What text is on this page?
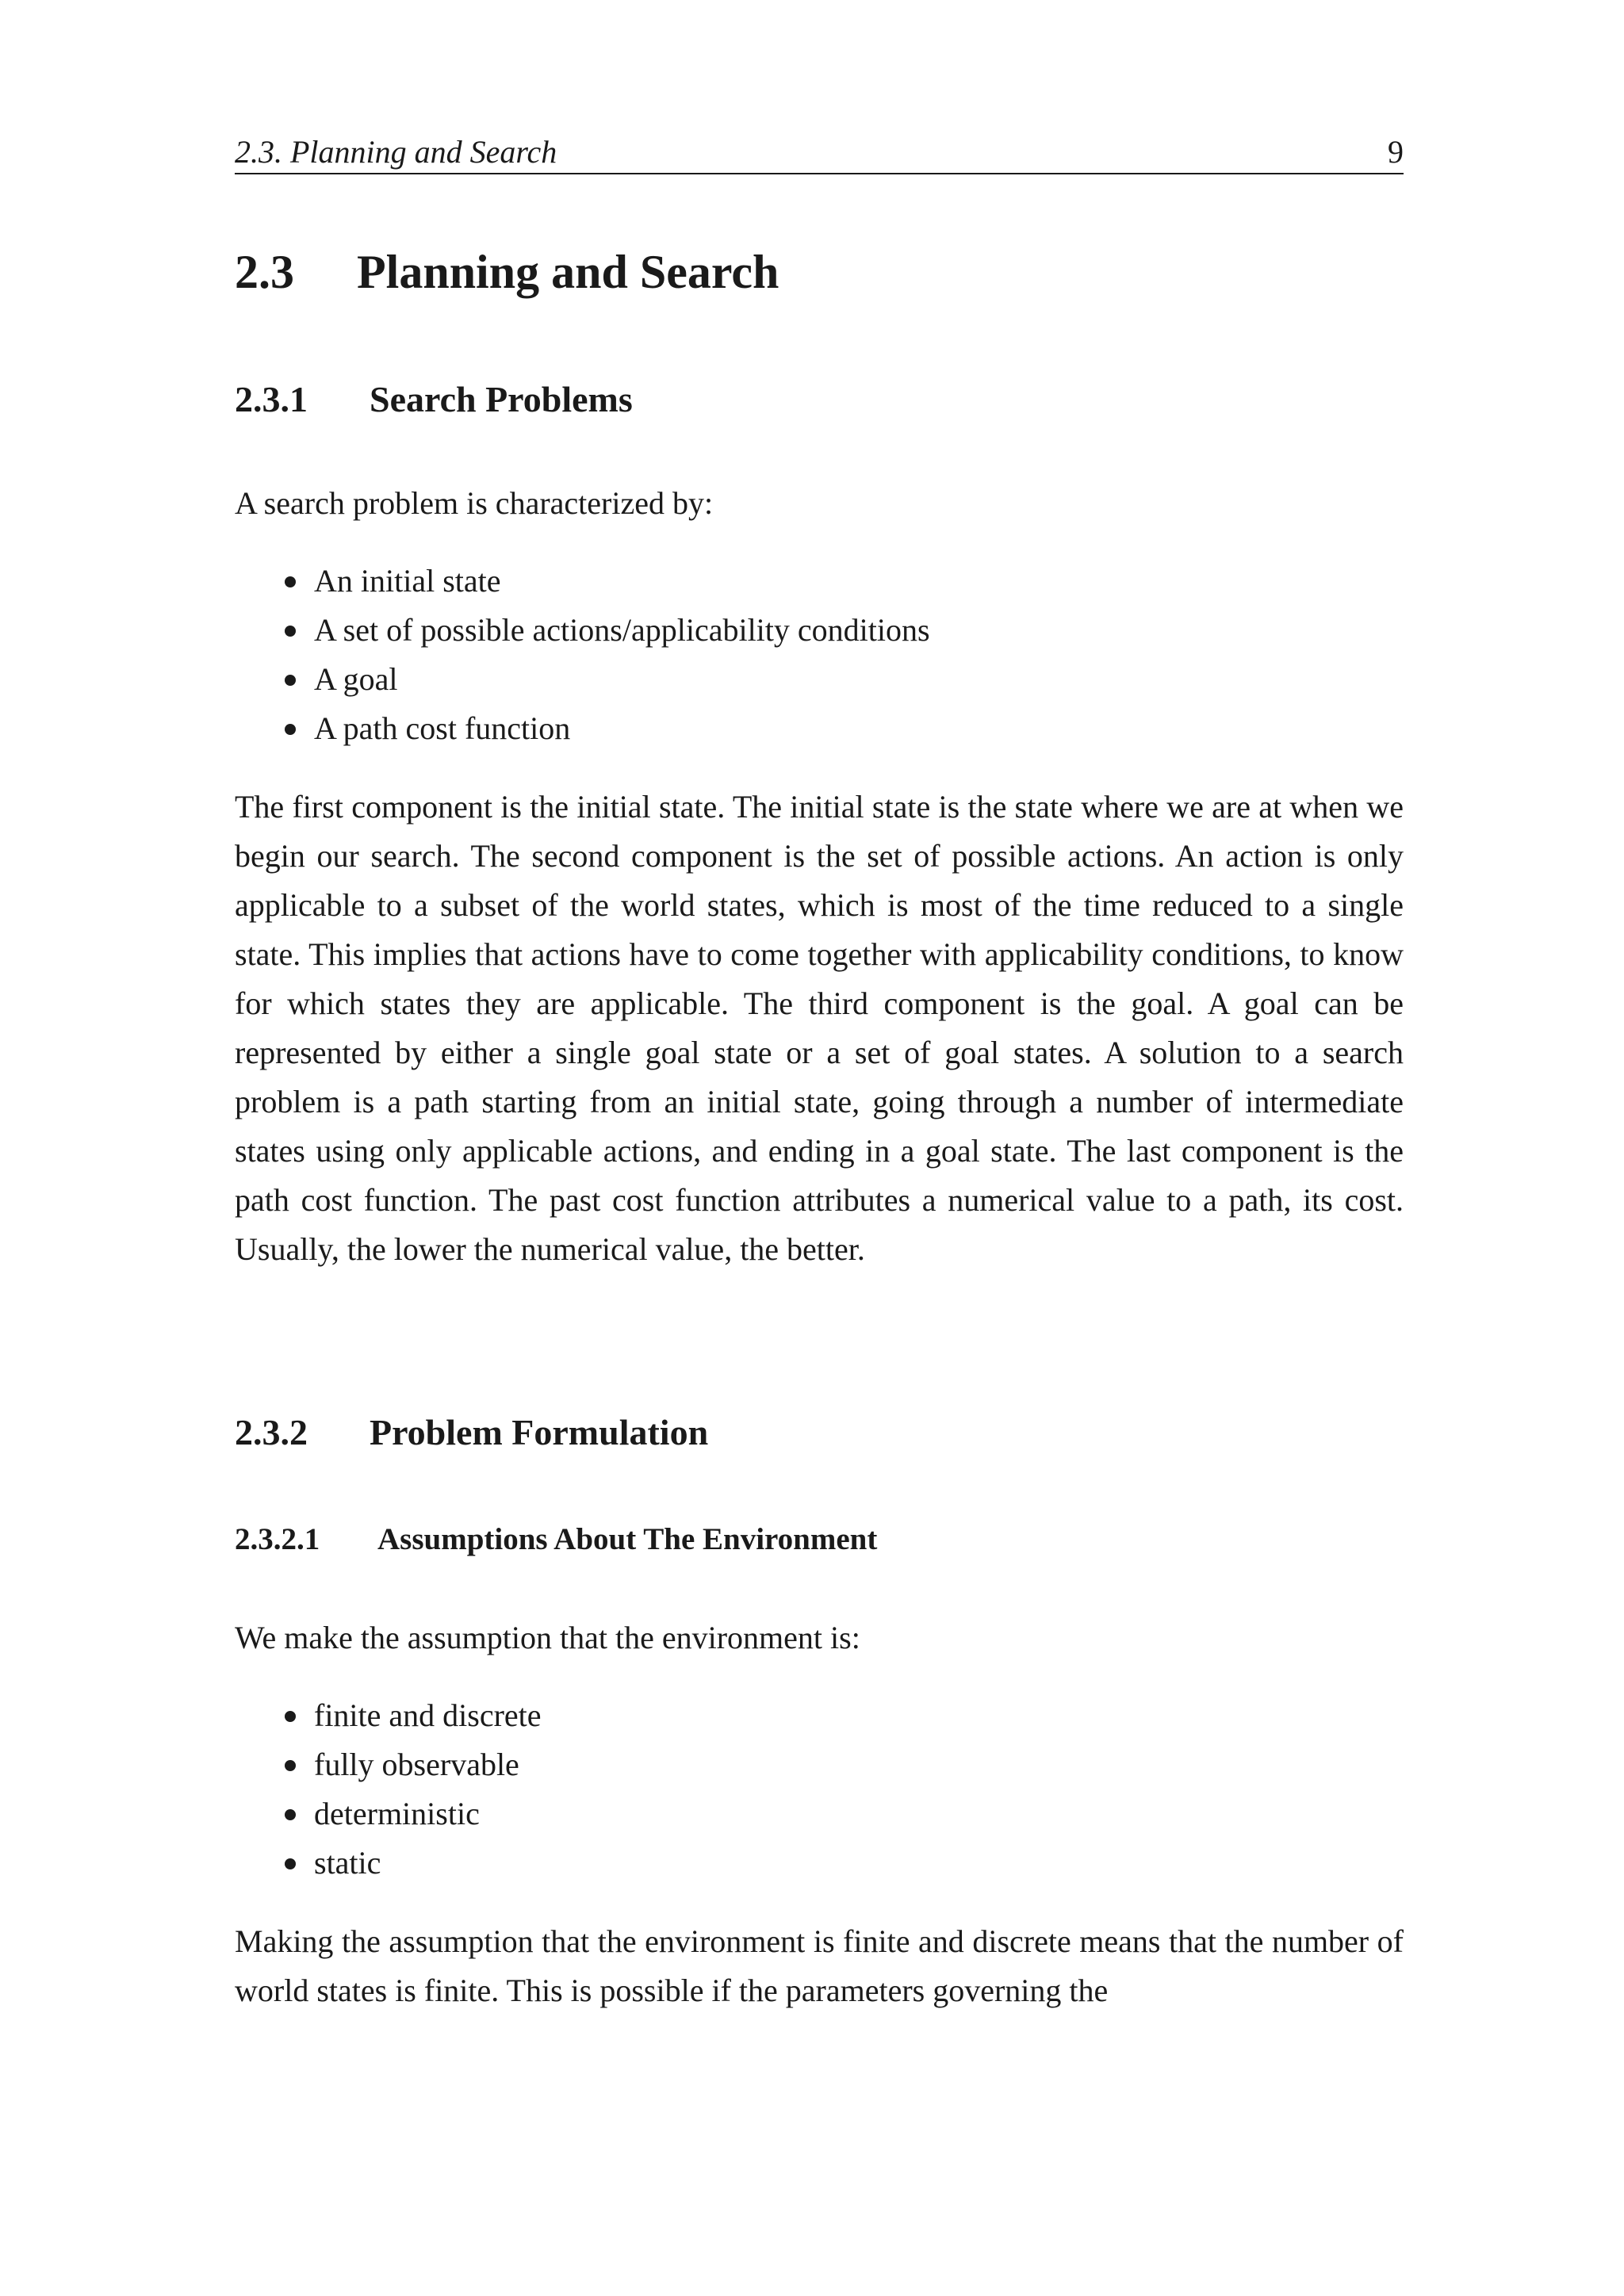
2.3. Planning and Search	9
2.3 Planning and Search
2.3.1 Search Problems

A search problem is characterized by:

An initial state
A set of possible actions/applicability conditions
A goal
A path cost function

The first component is the initial state. The initial state is the state where we are at when we begin our search. The second component is the set of possible actions. An action is only applicable to a subset of the world states, which is most of the time reduced to a single state. This implies that actions have to come together with applicability conditions, to know for which states they are applicable. The third component is the goal. A goal can be represented by either a single goal state or a set of goal states. A solution to a search problem is a path starting from an initial state, going through a number of intermediate states using only applicable actions, and ending in a goal state. The last component is the path cost function. The past cost function attributes a numerical value to a path, its cost. Usually, the lower the numerical value, the better.

2.3.2 Problem Formulation
2.3.2.1 Assumptions About The Environment

We make the assumption that the environment is:

finite and discrete
fully observable
deterministic
static

Making the assumption that the environment is finite and discrete means that the number of world states is finite. This is possible if the parameters governing the
